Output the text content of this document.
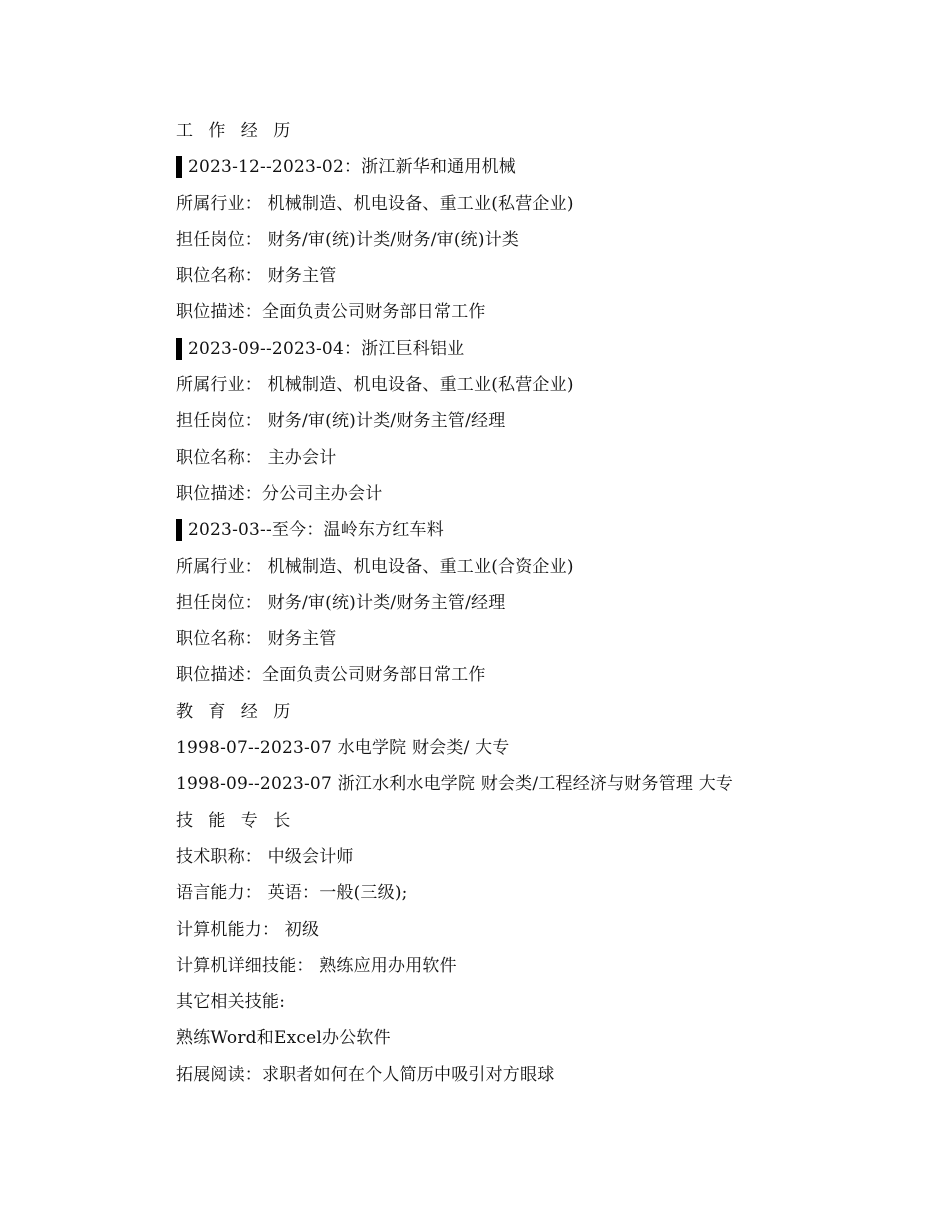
工 作 经 历
2023-12--2023-02：浙江新华和通用机械
所属行业： 机械制造、机电设备、重工业(私营企业)
担任岗位： 财务/审(统)计类/财务/审(统)计类
职位名称： 财务主管
职位描述：全面负责公司财务部日常工作
2023-09--2023-04：浙江巨科铝业
所属行业： 机械制造、机电设备、重工业(私营企业)
担任岗位： 财务/审(统)计类/财务主管/经理
职位名称： 主办会计
职位描述：分公司主办会计
2023-03--至今：温岭东方红车料
所属行业： 机械制造、机电设备、重工业(合资企业)
担任岗位： 财务/审(统)计类/财务主管/经理
职位名称： 财务主管
职位描述：全面负责公司财务部日常工作
教 育 经 历
1998-07--2023-07 水电学院 财会类/ 大专
1998-09--2023-07 浙江水利水电学院 财会类/工程经济与财务管理 大专
技 能 专 长
技术职称： 中级会计师
语言能力： 英语：一般(三级);
计算机能力： 初级
计算机详细技能： 熟练应用办用软件
其它相关技能:
熟练Word和Excel办公软件
拓展阅读：求职者如何在个人简历中吸引对方眼球
